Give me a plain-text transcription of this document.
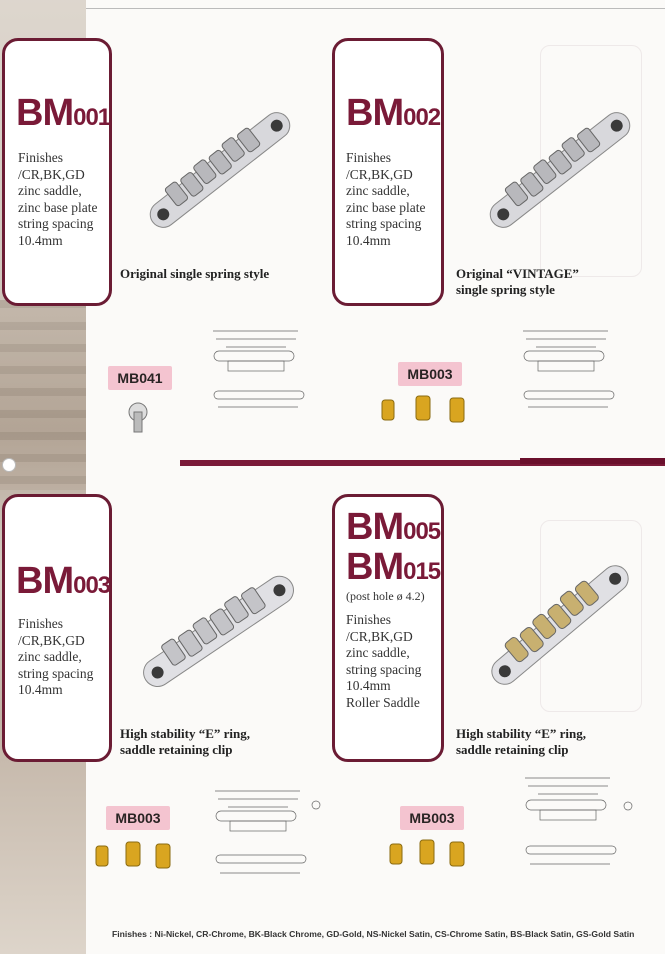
BM001
Finishes
/CR,BK,GD
zinc saddle,
zinc base plate
string spacing
10.4mm
Original single spring style
MB041
BM002
Finishes
/CR,BK,GD
zinc saddle,
zinc base plate
string spacing
10.4mm
Original “VINTAGE”
single spring style
MB003
BM003
Finishes
/CR,BK,GD
zinc saddle,
string spacing
10.4mm
High stability “E” ring,
saddle retaining clip
MB003
BM005
BM015
(post hole ø 4.2)
Finishes
/CR,BK,GD
zinc saddle,
string spacing
10.4mm
Roller Saddle
High stability “E” ring,
saddle retaining clip
MB003
Finishes : Ni-Nickel, CR-Chrome, BK-Black Chrome, GD-Gold, NS-Nickel Satin, CS-Chrome Satin, BS-Black Satin, GS-Gold Satin
